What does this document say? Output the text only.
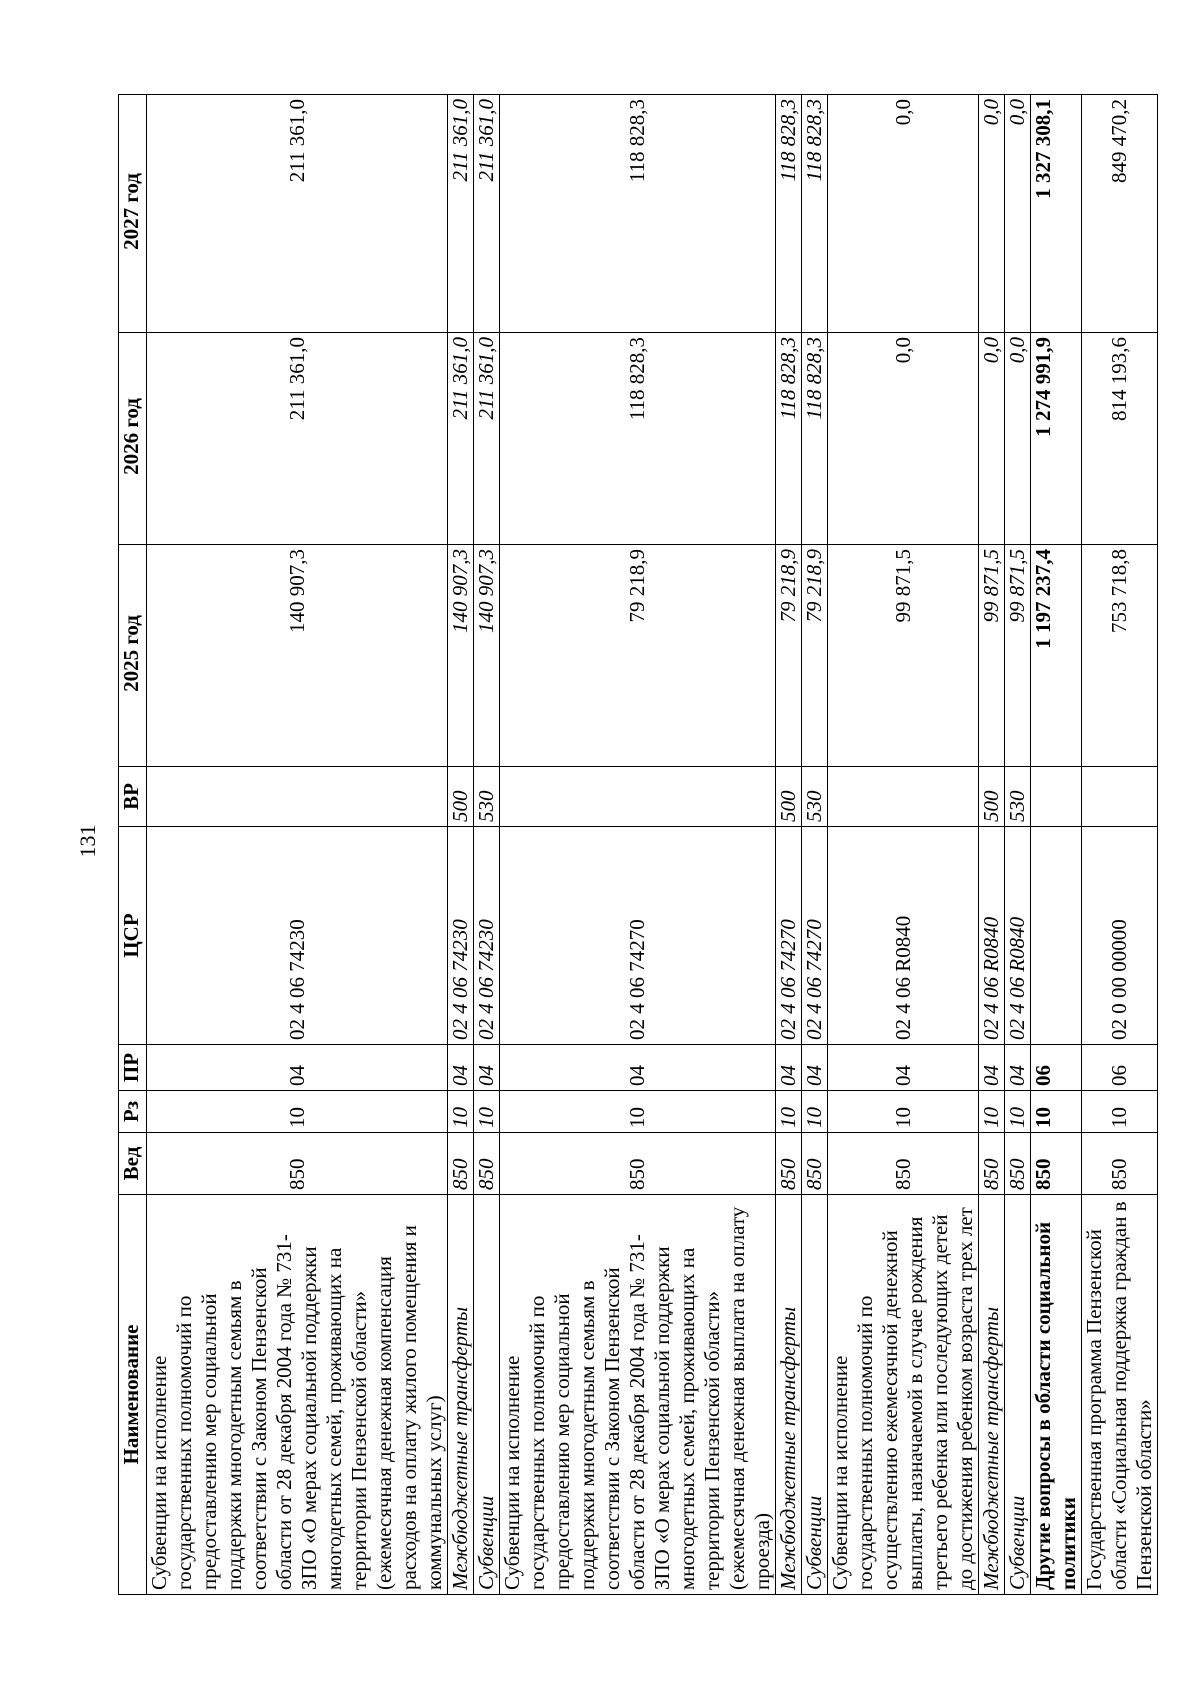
131
Наименование	Вед	Рз	ПР	ЦСР	ВР	2025 год	2026 год	2027 год
Субвенции на исполнение государственных полномочий по предоставлению мер социальной поддержки многодетным семьям в соответствии с Законом Пензенской области от 28 декабря 2004 года № 731-ЗПО «О мерах социальной поддержки многодетных семей, проживающих на территории Пензенской области» (ежемесячная денежная компенсация расходов на оплату жилого помещения и коммунальных услуг)	850	10	04	02 4 06 74230		140 907,3	211 361,0	211 361,0
Межбюджетные трансферты	850	10	04	02 4 06 74230	500	140 907,3	211 361,0	211 361,0
Субвенции	850	10	04	02 4 06 74230	530	140 907,3	211 361,0	211 361,0
Субвенции на исполнение государственных полномочий по предоставлению мер социальной поддержки многодетным семьям в соответствии с Законом Пензенской области от 28 декабря 2004 года № 731-ЗПО «О мерах социальной поддержки многодетных семей, проживающих на территории Пензенской области» (ежемесячная денежная выплата на оплату проезда)	850	10	04	02 4 06 74270		79 218,9	118 828,3	118 828,3
Межбюджетные трансферты	850	10	04	02 4 06 74270	500	79 218,9	118 828,3	118 828,3
Субвенции	850	10	04	02 4 06 74270	530	79 218,9	118 828,3	118 828,3
Субвенции на исполнение государственных полномочий по осуществлению ежемесячной денежной выплаты, назначаемой в случае рождения третьего ребенка или последующих детей до достижения ребенком возраста трех лет	850	10	04	02 4 06 R0840		99 871,5	0,0	0,0
Межбюджетные трансферты	850	10	04	02 4 06 R0840	500	99 871,5	0,0	0,0
Субвенции	850	10	04	02 4 06 R0840	530	99 871,5	0,0	0,0
Другие вопросы в области социальной политики	850	10	06			1 197 237,4	1 274 991,9	1 327 308,1
Государственная программа Пензенской области «Социальная поддержка граждан в Пензенской области»	850	10	06	02 0 00 00000		753 718,8	814 193,6	849 470,2
